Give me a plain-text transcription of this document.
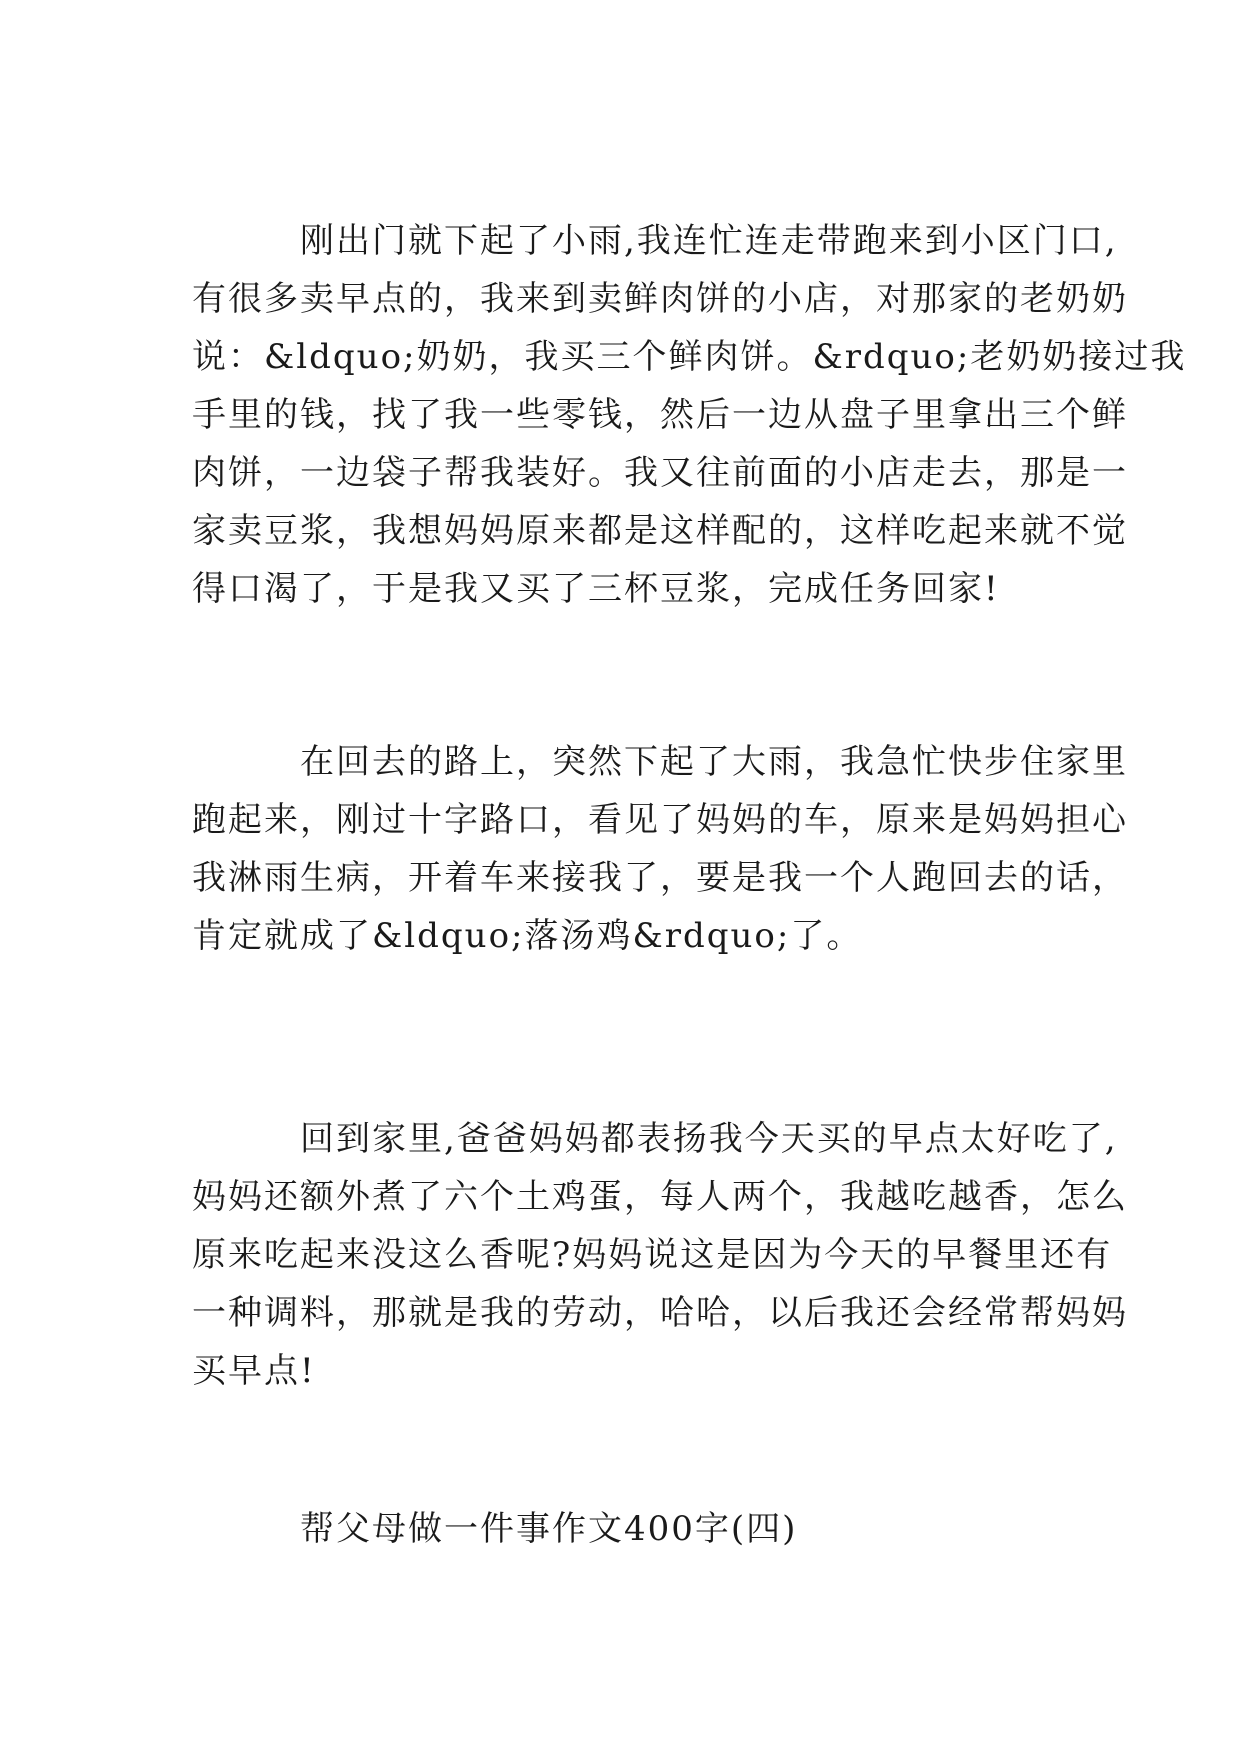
刚出门就下起了小雨,我连忙连走带跑来到小区门口,
有很多卖早点的，我来到卖鲜肉饼的小店，对那家的老奶奶
说：&ldquo;奶奶，我买三个鲜肉饼。&rdquo;老奶奶接过我
手里的钱，找了我一些零钱，然后一边从盘子里拿出三个鲜
肉饼，一边袋子帮我装好。我又往前面的小店走去，那是一
家卖豆浆，我想妈妈原来都是这样配的，这样吃起来就不觉
得口渴了，于是我又买了三杯豆浆，完成任务回家!

在回去的路上，突然下起了大雨，我急忙快步住家里
跑起来，刚过十字路口，看见了妈妈的车，原来是妈妈担心
我淋雨生病，开着车来接我了，要是我一个人跑回去的话，
肯定就成了&ldquo;落汤鸡&rdquo;了。

回到家里,爸爸妈妈都表扬我今天买的早点太好吃了,
妈妈还额外煮了六个土鸡蛋，每人两个，我越吃越香，怎么
原来吃起来没这么香呢?妈妈说这是因为今天的早餐里还有
一种调料，那就是我的劳动，哈哈，以后我还会经常帮妈妈
买早点!

帮父母做一件事作文400字(四)
